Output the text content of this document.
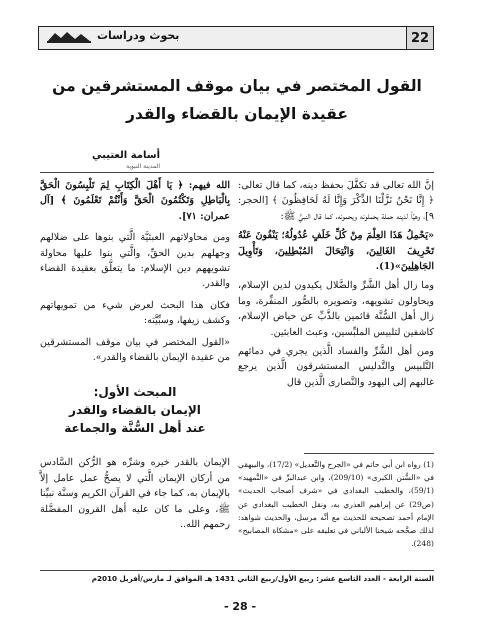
22
بحوث ودراسات
القول المختصر في بيان موقف المستشرقين من
عقيدة الإيمان بالقضاء والقدر
أسامة العتيبي
المدينة النبوية

إنَّ الله تعالى قد تكفَّلَ بحفظ دينه، كما قال تعالى: ﴿ إِنَّا نَحْنُ نَزَّلْنَا الذِّكْرَ وَإِنَّا لَهُ لَحَافِظُونَ ﴾ [الحجر: ٩]، وهيَّأ لدينه حملة يحملونه ويحمونه، كما قال النبيُّ ﷺ:

«يَحْمِلُ هَذَا العِلْمَ مِنْ كُلِّ خَلَفٍ عُدُولُهُ؛ يَنْفُونَ عَنْهُ تَحْرِيفَ الغَالِينَ، وَانْتِحَالَ المُبْطِلِينَ، وَتَأْوِيلَ الجَاهِلِينَ»(1).

وما زال أهل الشَّرِّ والضَّلال يكيدون لدين الإسلام، ويحاولون تشويهه، وتصويره بالصُّور المنفِّرة، وما زال أهل السُّنَّة قائمين بالذَّبِّ عن حياض الإسلام، كاشفين لتلبيس الملبِّسين، وعبث العابثين.

ومن أهل الشَّرِّ والفساد الَّذين يجري في دمائهم التَّلبيس والتَّدليس المستشرقون الَّذين يرجع غالبهم إلى اليهود والنَّصارى الَّذين قال

(1) رواه ابن أبي حاتم في «الجرح والتَّعديل» (17/2)، والبيهقي في «السُّنن الكبرى» (209/10)، وابن عبدالبرِّ في «التَّمهيد» (59/1)، والخطيب البغدادي في «شرف أصحاب الحديث» (ص29) عن إبراهيم العذري به، ونقل الخطيب البغدادي عن الإمام أحمد تصحيحه للحديث مع أنَّه مرسل، والحديث شواهد: لذلك صحَّحه شيخنا الألباني في تعليقه على «مشكاة المصابيح» (248).

الله فيهم: ﴿ يَا أَهْلَ الْكِتَابِ لِمَ تَلْبِسُونَ الْحَقَّ بِالْبَاطِلِ وَتَكْتُمُونَ الْحَقَّ وَأَنْتُمْ تَعْلَمُونَ ﴾ [آل عمران: ٧١].

ومن محاولاتهم العبثيَّة الَّتي بنوها على ضلالهم وجهلهم بدين الحقِّ، والَّتي بنوا عليها محاولة تشويههم دين الإسلام: ما يتعلَّق بعقيدة القضاء والقدر.

فكان هذا البحث لعرض شيء من تمويهاتهم وكشف زيفها، وسبِّيَّته:

«القول المختصر في بيان موقف المستشرقين من عقيدة الإيمان بالقضاء والقدر».

المبحث الأول:
الإيمان بالقضاء والقدر
عند أهل السُّنَّة والجماعة

الإيمان بالقدر خيره وشرِّه هو الرُّكن السَّادس من أركان الإيمان الَّتي لا يصحُّ عمل عامل إلاَّ بالإيمان به، كما جاء في القرآن الكريم وسنَّة نبيِّنا ﷺ، وعلى ما كان عليه أهل القرون المفضَّلة رحمهم الله..

السنة الرابعة - العدد التاسع عشر: ربيع الأول/ربيع الثاني 1431 هـ الموافق لـ مارس/أفريل 2010م
- 28 -
